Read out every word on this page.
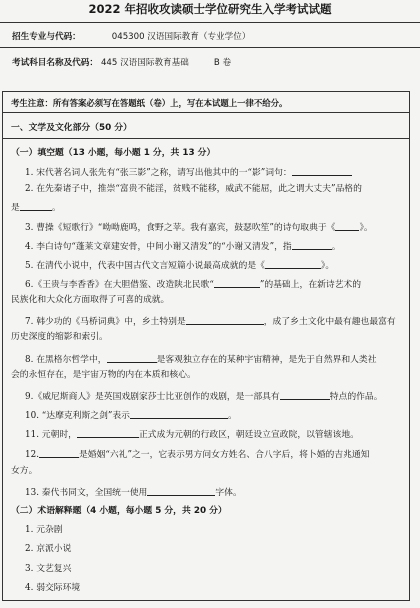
2022 年招收攻读硕士学位研究生入学考试试题
招生专业与代码：	045300 汉语国际教育（专业学位）
考试科目名称及代码： 445 汉语国际教育基础	B 卷
考生注意：所有答案必须写在答题纸（卷）上，写在本试题上一律不给分。
一、文学及文化部分（50 分）
（一）填空题（13 小题，每小题 1 分，共 13 分）
1. 宋代著名词人张先有“张三影”之称，请写出他其中的一“影”词句：
2. 在先秦诸子中，推崇“富贵不能淫，贫贱不能移，威武不能屈，此之谓大丈夫”品格的
是	。
3. 曹操《短歌行》“呦呦鹿鸣，食野之苹。我有嘉宾，鼓瑟吹笙”的诗句取典于《	》。
4. 李白诗句“蓬莱文章建安骨，中间小谢又清发”的“小谢又清发”，指	。
5. 在清代小说中，代表中国古代文言短篇小说最高成就的是《	》。
6.《王贵与李香香》在大胆借鉴、改造陕北民歌“	”的基础上，在新诗艺术的
民族化和大众化方面取得了可喜的成就。
7. 韩少功的《马桥词典》中，乡土特别是	，成了乡土文化中最有趣也最富有
历史深度的缩影和索引。
8. 在黑格尔哲学中，	是客观独立存在的某种宇宙精神，是先于自然界和人类社
会的永恒存在，是宇宙万物的内在本质和核心。
9.《威尼斯商人》是英国戏剧家莎士比亚创作的戏剧，是一部具有	特点的作品。
10. “达摩克利斯之剑”表示	。
11. 元朝时，	正式成为元朝的行政区，朝廷设立宣政院，以管辖该地。
12.	是婚姻“六礼”之一，它表示男方问女方姓名、合八字后，将卜婚的吉兆通知
女方。
13. 秦代书同文，全国统一使用	字体。
（二）术语解释题（4 小题，每小题 5 分，共 20 分）
1. 元杂剧
2. 京派小说
3. 文艺复兴
4. 弱交际环境
